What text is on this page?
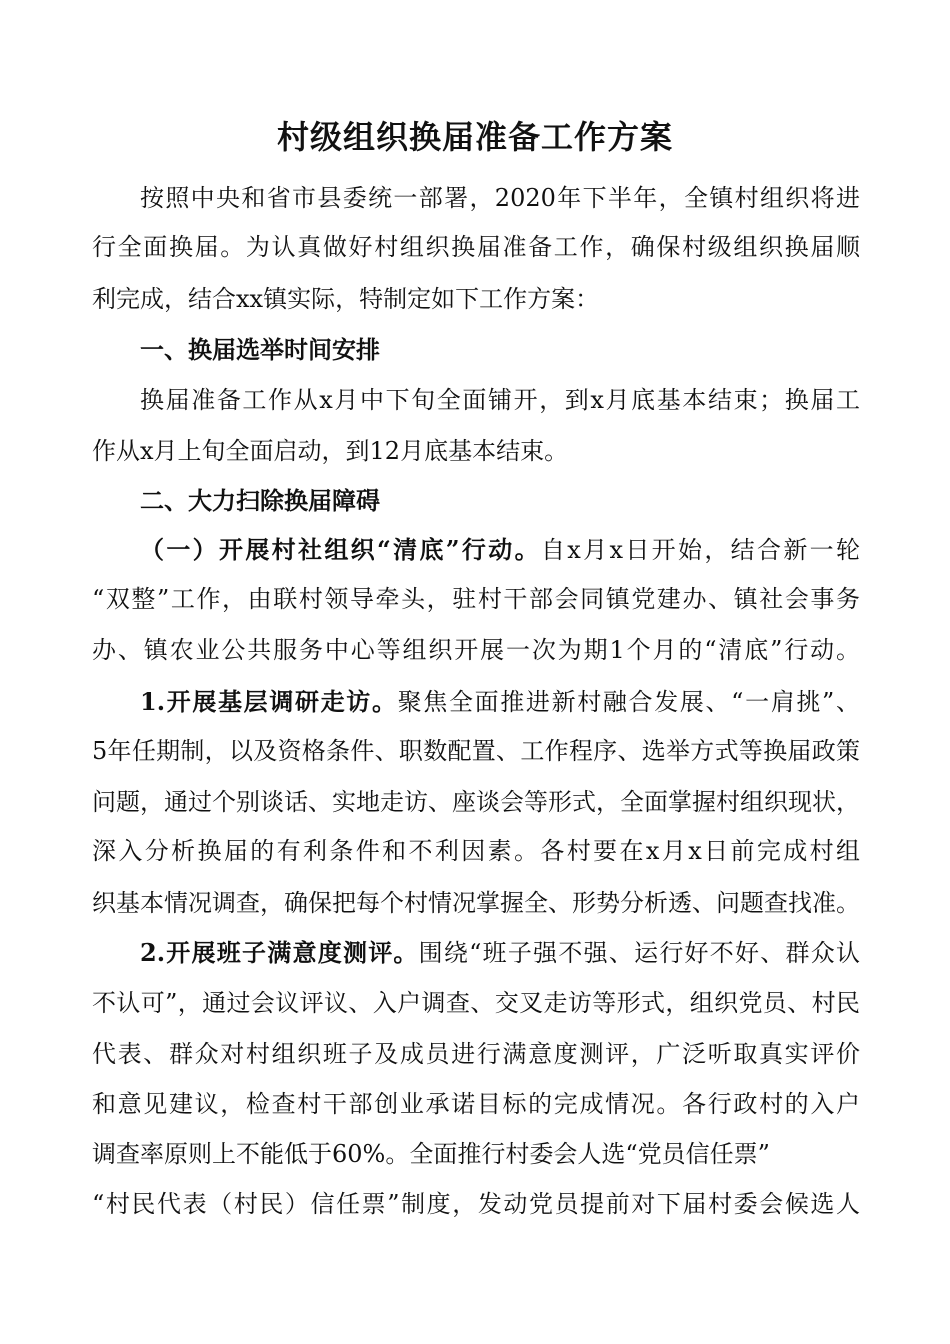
村级组织换届准备工作方案

按照中央和省市县委统一部署，2020年下半年，全镇村组织将进

行全面换届。为认真做好村组织换届准备工作，确保村级组织换届顺

利完成，结合xx镇实际，特制定如下工作方案：

一、换届选举时间安排

换届准备工作从x月中下旬全面铺开，到x月底基本结束；换届工

作从x月上旬全面启动，到12月底基本结束。

二、大力扫除换届障碍

（一）开展村社组织“清底”行动。自x月x日开始，结合新一轮

“双整”工作，由联村领导牵头，驻村干部会同镇党建办、镇社会事务

办、镇农业公共服务中心等组织开展一次为期1个月的“清底”行动。

1.开展基层调研走访。聚焦全面推进新村融合发展、“一肩挑”、

5年任期制，以及资格条件、职数配置、工作程序、选举方式等换届政策

问题，通过个别谈话、实地走访、座谈会等形式，全面掌握村组织现状，

深入分析换届的有利条件和不利因素。各村要在x月x日前完成村组

织基本情况调查，确保把每个村情况掌握全、形势分析透、问题查找准。

2.开展班子满意度测评。围绕“班子强不强、运行好不好、群众认

不认可”，通过会议评议、入户调查、交叉走访等形式，组织党员、村民

代表、群众对村组织班子及成员进行满意度测评，广泛听取真实评价

和意见建议，检查村干部创业承诺目标的完成情况。各行政村的入户

调查率原则上不能低于60%。全面推行村委会人选“党员信任票”

“村民代表（村民）信任票”制度，发动党员提前对下届村委会候选人
